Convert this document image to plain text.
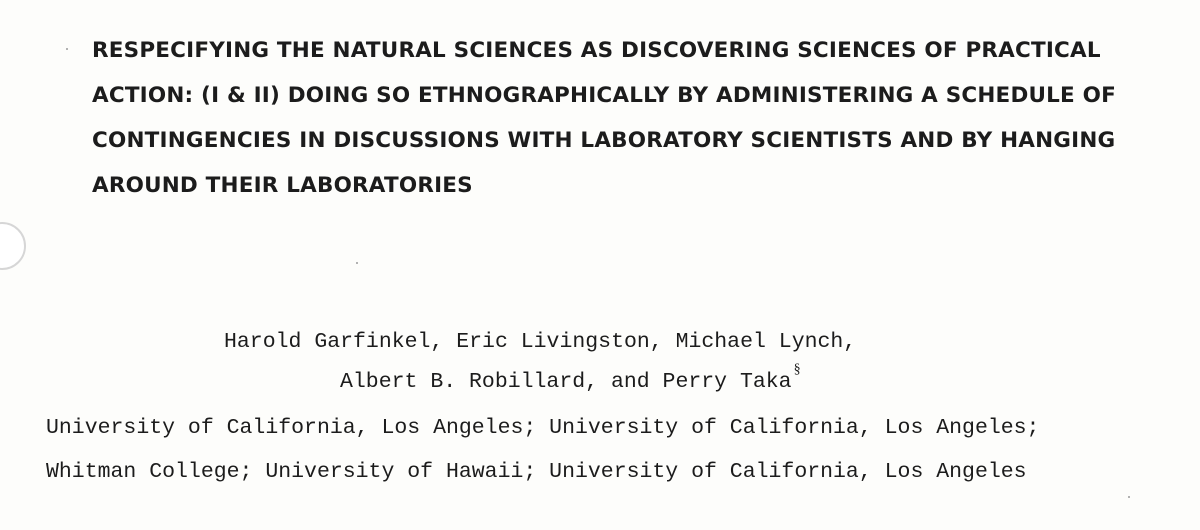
RESPECIFYING THE NATURAL SCIENCES AS DISCOVERING SCIENCES OF PRACTICAL
ACTION: (I & II) DOING SO ETHNOGRAPHICALLY BY ADMINISTERING A SCHEDULE OF
CONTINGENCIES IN DISCUSSIONS WITH LABORATORY SCIENTISTS AND BY HANGING
AROUND THEIR LABORATORIES
Harold Garfinkel, Eric Livingston, Michael Lynch,
Albert B. Robillard, and Perry Taka§
University of California, Los Angeles; University of California, Los Angeles;
Whitman College; University of Hawaii; University of California, Los Angeles
